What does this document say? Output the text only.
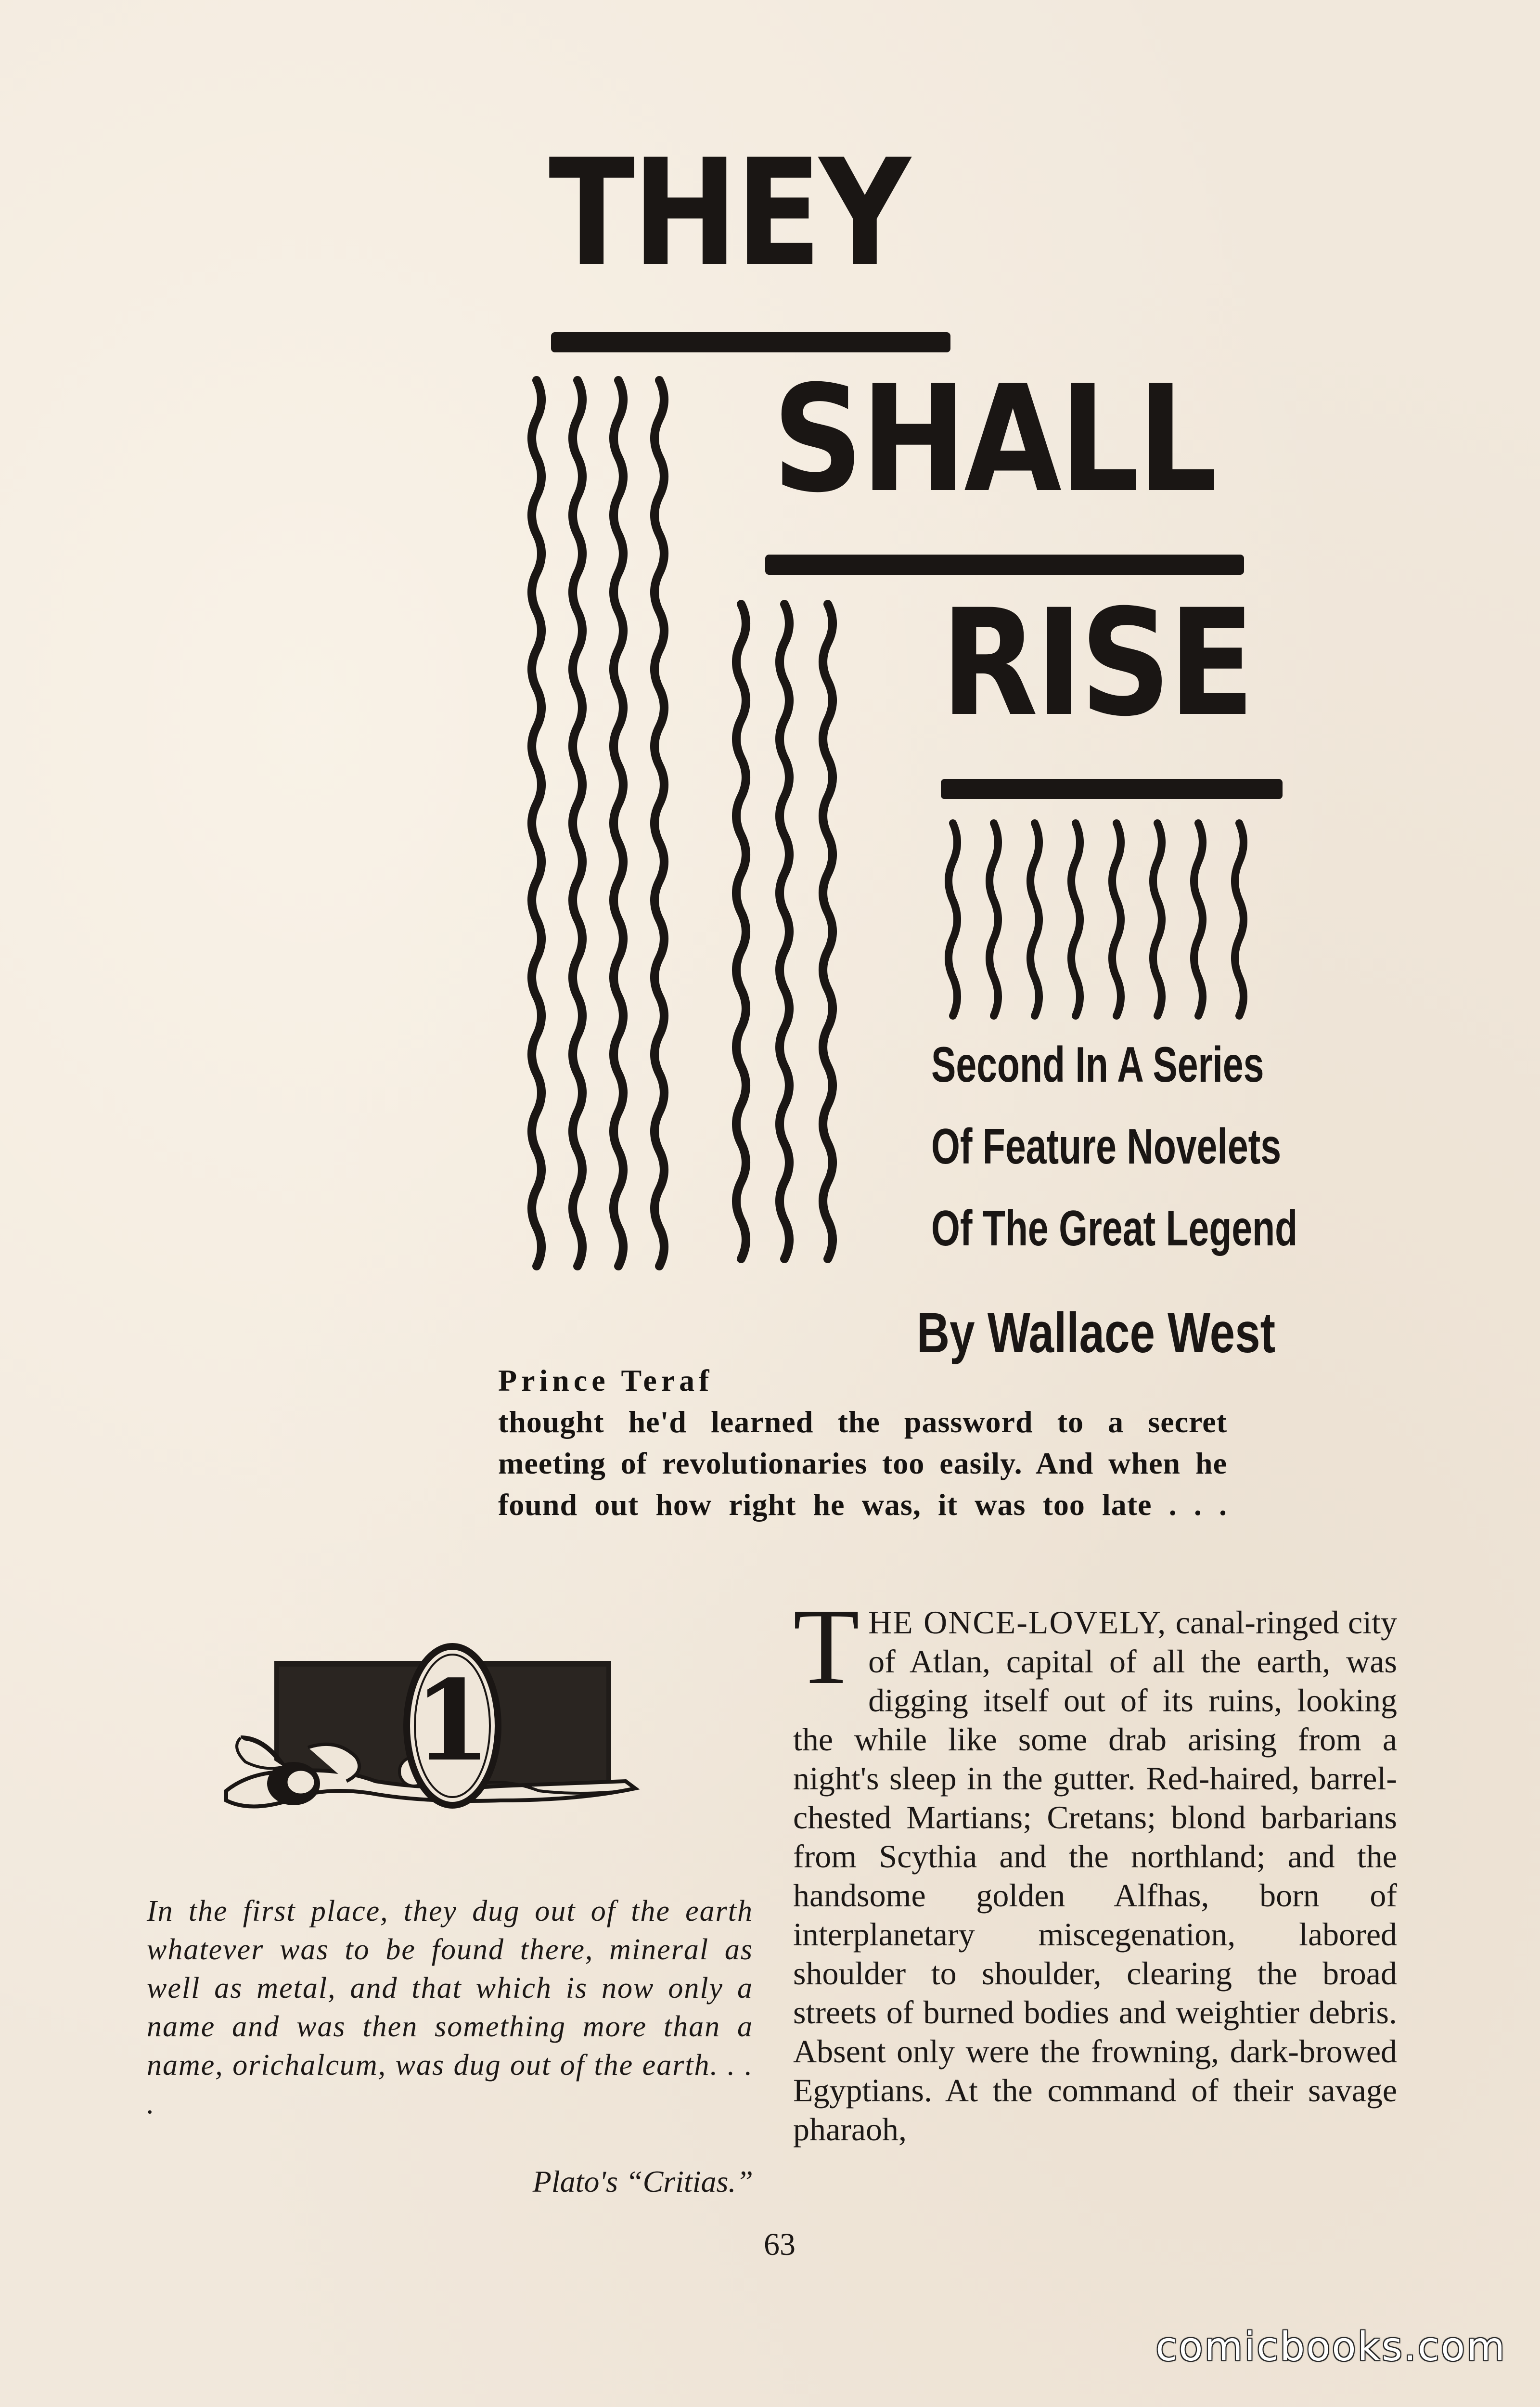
THEY
SHALL
RISE
Second In A Series
Of Feature Novelets
Of The Great Legend
By Wallace West
Prince Teraf
thought he'd learned the password to a secret meeting of revolutionaries too easily. And when he found out how right he was, it was too late . . .
1
In the first place, they dug out of the earth whatever was to be found there, mineral as well as metal, and that which is now only a name and was then something more than a name, orichalcum, was dug out of the earth. . . .
Plato's “Critias.”
T HE ONCE-LOVELY, canal-ringed city of Atlan, capital of all the earth, was digging itself out of its ruins, looking the while like some drab arising from a night's sleep in the gutter. Red-haired, barrel-chested Martians; Cretans; blond barbarians from Scythia and the northland; and the handsome golden Alfhas, born of interplanetary miscegenation, labored shoulder to shoulder, clearing the broad streets of burned bodies and weightier debris. Absent only were the frowning, dark-browed Egyptians. At the command of their savage pharaoh,
63
comicbooks.com
